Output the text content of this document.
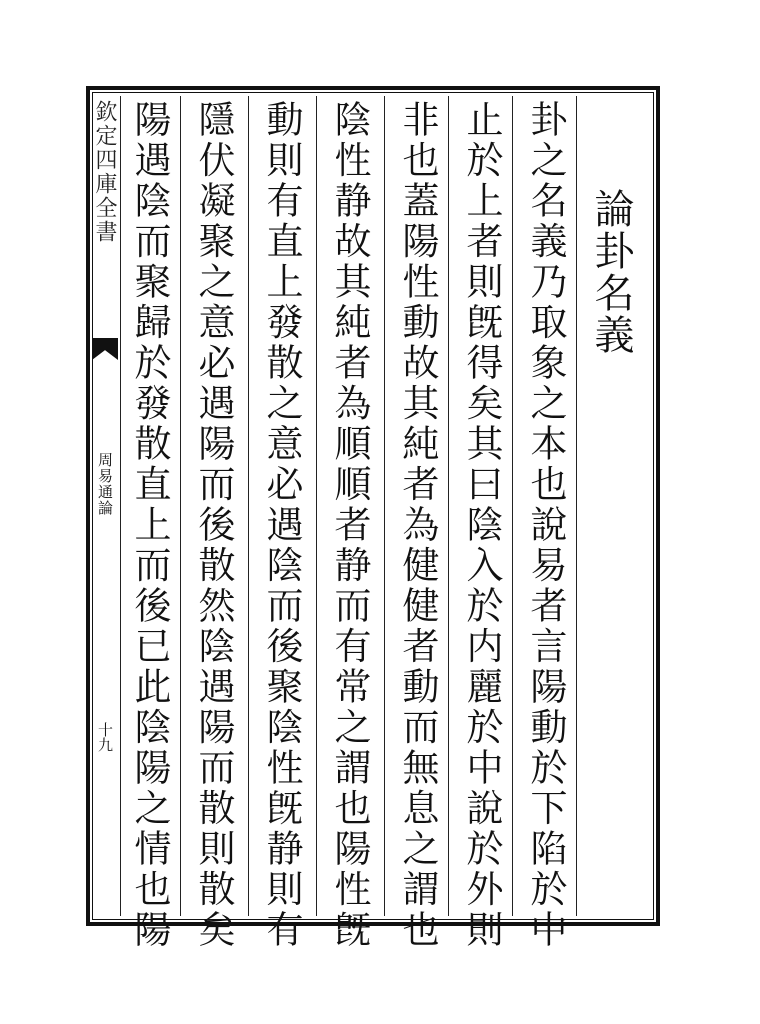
欽定四庫全書
周易通論
十九
論卦名義
卦之名義乃取象之本也說易者言陽動於下陷於中
止於上者則旣得矣其曰陰入於内麗於中說於外則
非也蓋陽性動故其純者為健健者動而無息之謂也
陰性静故其純者為順順者静而有常之謂也陽性旣
動則有直上發散之意必遇陰而後聚陰性旣静則有
隱伏凝聚之意必遇陽而後散然陰遇陽而散則散矣
陽遇陰而聚歸於發散直上而後已此陰陽之情也陽
